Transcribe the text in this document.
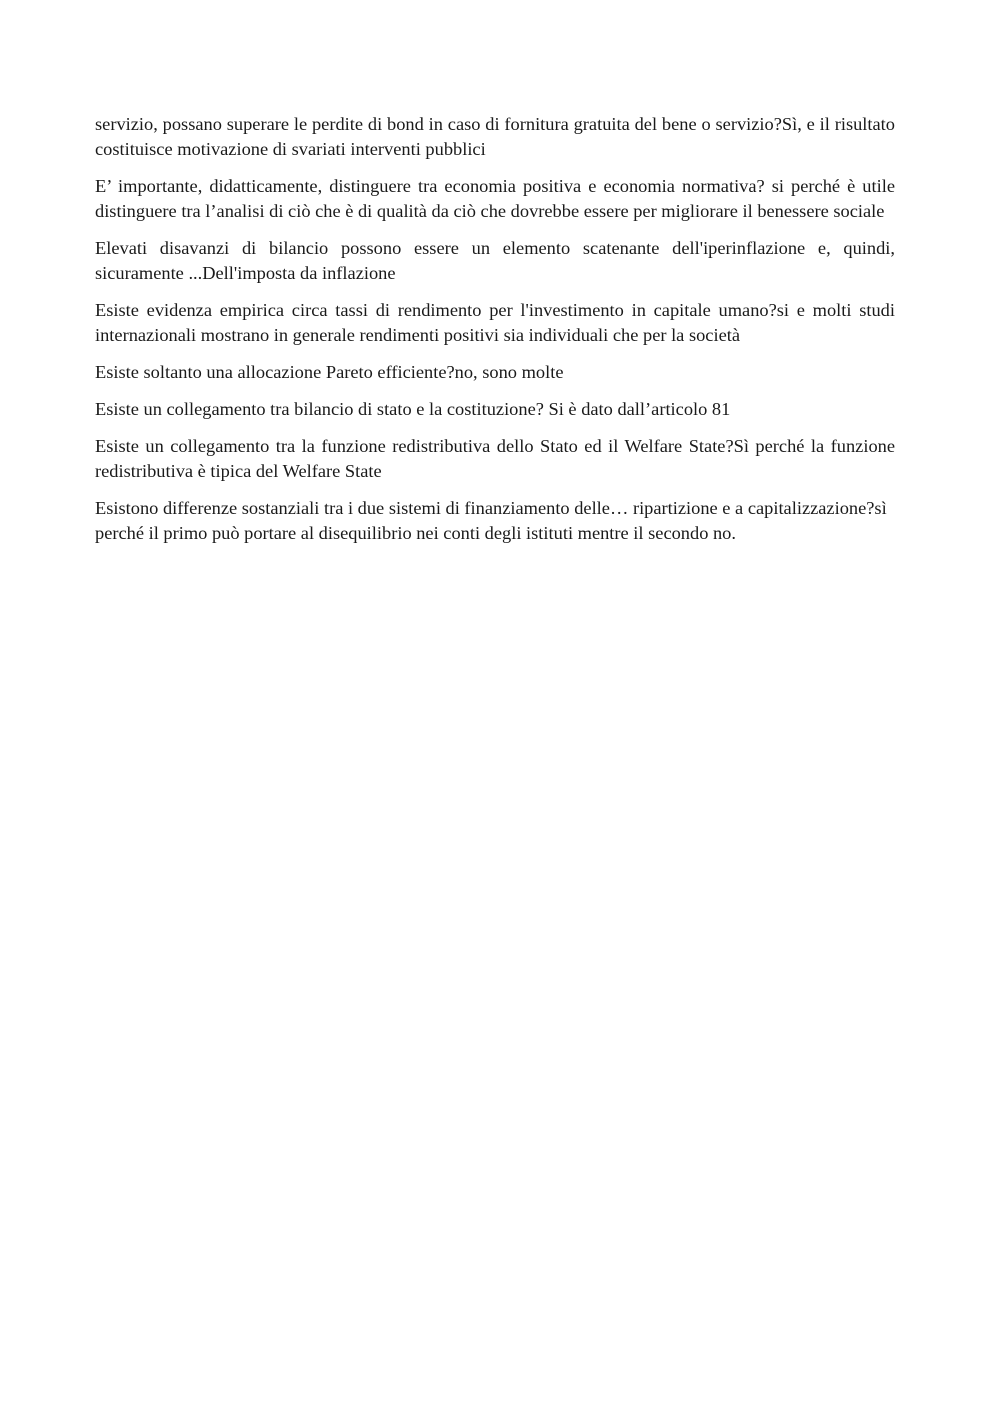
servizio, possano superare le perdite di bond in caso di fornitura gratuita del bene o servizio?Sì, e il risultato costituisce motivazione di svariati interventi pubblici

E’ importante, didatticamente, distinguere tra economia positiva e economia normativa? si perché è utile distinguere tra l’analisi di ciò che è di qualità da ciò che dovrebbe essere per migliorare il benessere sociale

Elevati disavanzi di bilancio possono essere un elemento scatenante dell'iperinflazione e, quindi, sicuramente ...Dell'imposta da inflazione

Esiste evidenza empirica circa tassi di rendimento per l'investimento in capitale umano?si e molti studi internazionali mostrano in generale rendimenti positivi sia individuali che per la società

Esiste soltanto una allocazione Pareto efficiente?no, sono molte

Esiste un collegamento tra bilancio di stato e la costituzione? Si è dato dall’articolo 81

Esiste un collegamento tra la funzione redistributiva dello Stato ed il Welfare State?Sì perché la funzione redistributiva è tipica del Welfare State

Esistono differenze sostanziali tra i due sistemi di finanziamento delle… ripartizione e a capitalizzazione?sì perché il primo può portare al disequilibrio nei conti degli istituti mentre il secondo no.
